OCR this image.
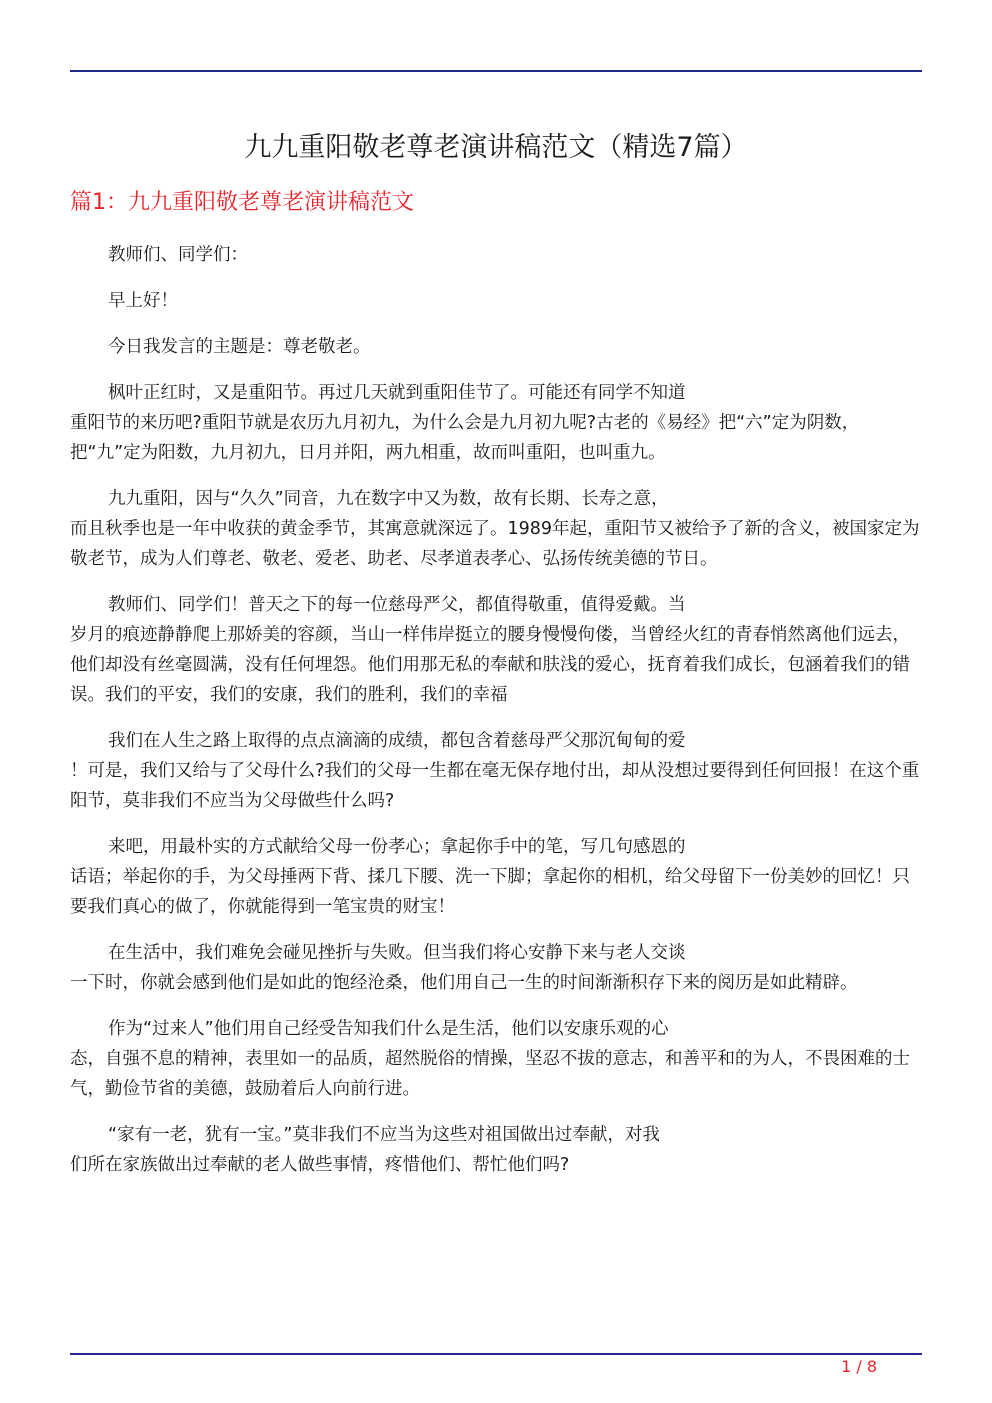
九九重阳敬老尊老演讲稿范文（精选7篇）
篇1：九九重阳敬老尊老演讲稿范文

教师们、同学们：

早上好！

今日我发言的主题是：尊老敬老。

枫叶正红时，又是重阳节。再过几天就到重阳佳节了。可能还有同学不知道
重阳节的来历吧?重阳节就是农历九月初九，为什么会是九月初九呢?古老的《易经》把“六”定为阴数，把“九”定为阳数，九月初九，日月并阳，两九相重，故而叫重阳，也叫重九。

九九重阳，因与“久久”同音，九在数字中又为数，故有长期、长寿之意，
而且秋季也是一年中收获的黄金季节，其寓意就深远了。1989年起，重阳节又被给予了新的含义，被国家定为敬老节，成为人们尊老、敬老、爱老、助老、尽孝道表孝心、弘扬传统美德的节日。

教师们、同学们！普天之下的每一位慈母严父，都值得敬重，值得爱戴。当
岁月的痕迹静静爬上那娇美的容颜，当山一样伟岸挺立的腰身慢慢佝偻，当曾经火红的青春悄然离他们远去，他们却没有丝毫圆满，没有任何埋怨。他们用那无私的奉献和肤浅的爱心，抚育着我们成长，包涵着我们的错误。我们的平安，我们的安康，我们的胜利，我们的幸福

我们在人生之路上取得的点点滴滴的成绩，都包含着慈母严父那沉甸甸的爱
！可是，我们又给与了父母什么?我们的父母一生都在毫无保存地付出，却从没想过要得到任何回报！在这个重阳节，莫非我们不应当为父母做些什么吗?

来吧，用最朴实的方式献给父母一份孝心；拿起你手中的笔，写几句感恩的
话语；举起你的手，为父母捶两下背、揉几下腰、洗一下脚；拿起你的相机，给父母留下一份美妙的回忆！只要我们真心的做了，你就能得到一笔宝贵的财宝！

在生活中，我们难免会碰见挫折与失败。但当我们将心安静下来与老人交谈
一下时，你就会感到他们是如此的饱经沧桑，他们用自己一生的时间渐渐积存下来的阅历是如此精辟。

作为“过来人”他们用自己经受告知我们什么是生活，他们以安康乐观的心
态，自强不息的精神，表里如一的品质，超然脱俗的情操，坚忍不拔的意志，和善平和的为人，不畏困难的士气，勤俭节省的美德，鼓励着后人向前行进。

“家有一老，犹有一宝。”莫非我们不应当为这些对祖国做出过奉献，对我
们所在家族做出过奉献的老人做些事情，疼惜他们、帮忙他们吗?

1 / 8
